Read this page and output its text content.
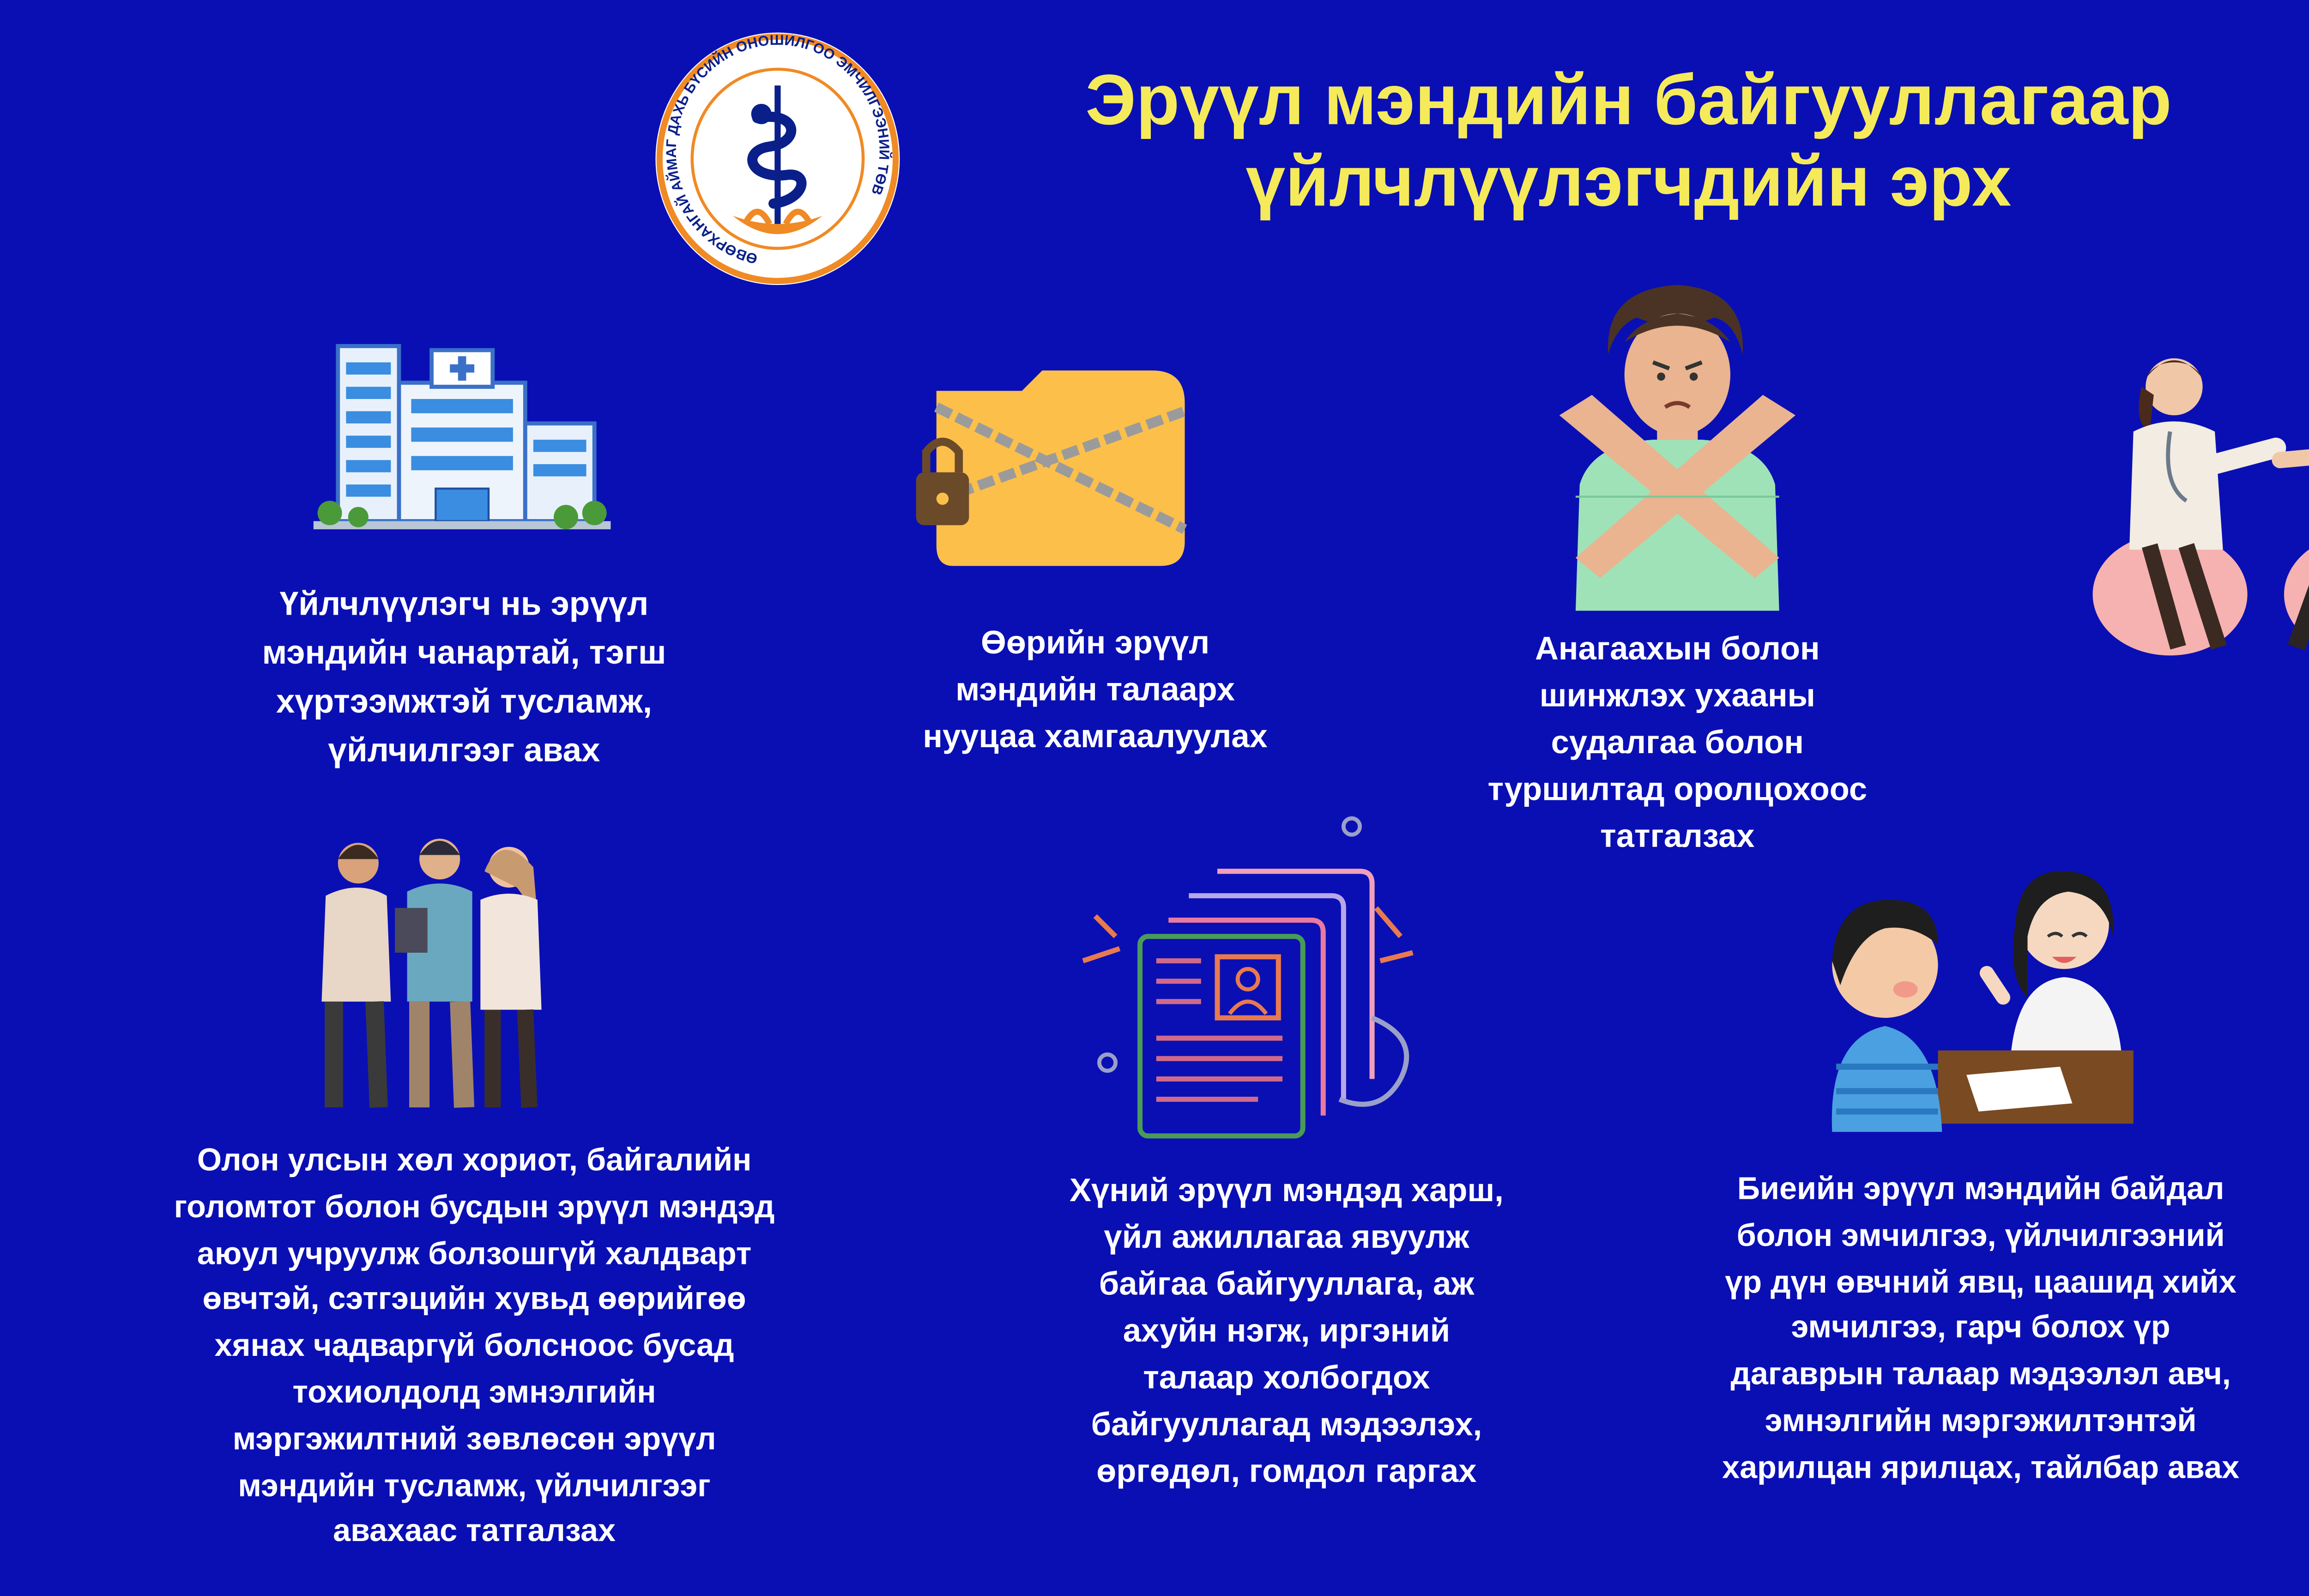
ӨВӨРХАНГАЙ АЙМАГ ДАХЬ БҮСИЙН ОНОШИЛГОО ЭМЧИЛГЭЭНИЙ ТӨВ
Эрүүл мэндийн байгууллагаар
үйлчлүүлэгчдийн эрх
Үйлчлүүлэгч нь эрүүл
мэндийн чанартай, тэгш
хүртээмжтэй тусламж,
үйлчилгээг авах
Өөрийн эрүүл
мэндийн талаарх
нууцаа хамгаалуулах
Анагаахын болон
шинжлэх ухааны
судалгаа болон
туршилтад оролцохоос
татгалзах
Олон улсын хөл хориот, байгалийн
голомтот болон бусдын эрүүл мэндэд
аюул учруулж болзошгүй халдварт
өвчтэй, сэтгэцийн хувьд өөрийгөө
хянах чадваргүй болсноос бусад
тохиолдолд эмнэлгийн
мэргэжилтний зөвлөсөн эрүүл
мэндийн тусламж, үйлчилгээг
авахаас татгалзах
Хүний эрүүл мэндэд харш,
үйл ажиллагаа явуулж
байгаа байгууллага, аж
ахуйн нэгж, иргэний
талаар холбогдох
байгууллагад мэдээлэх,
өргөдөл, гомдол гаргах
Биеийн эрүүл мэндийн байдал
болон эмчилгээ, үйлчилгээний
үр дүн өвчний явц, цаашид хийх
эмчилгээ, гарч болох үр
дагаврын талаар мэдээлэл авч,
эмнэлгийн мэргэжилтэнтэй
харилцан ярилцах, тайлбар авах
